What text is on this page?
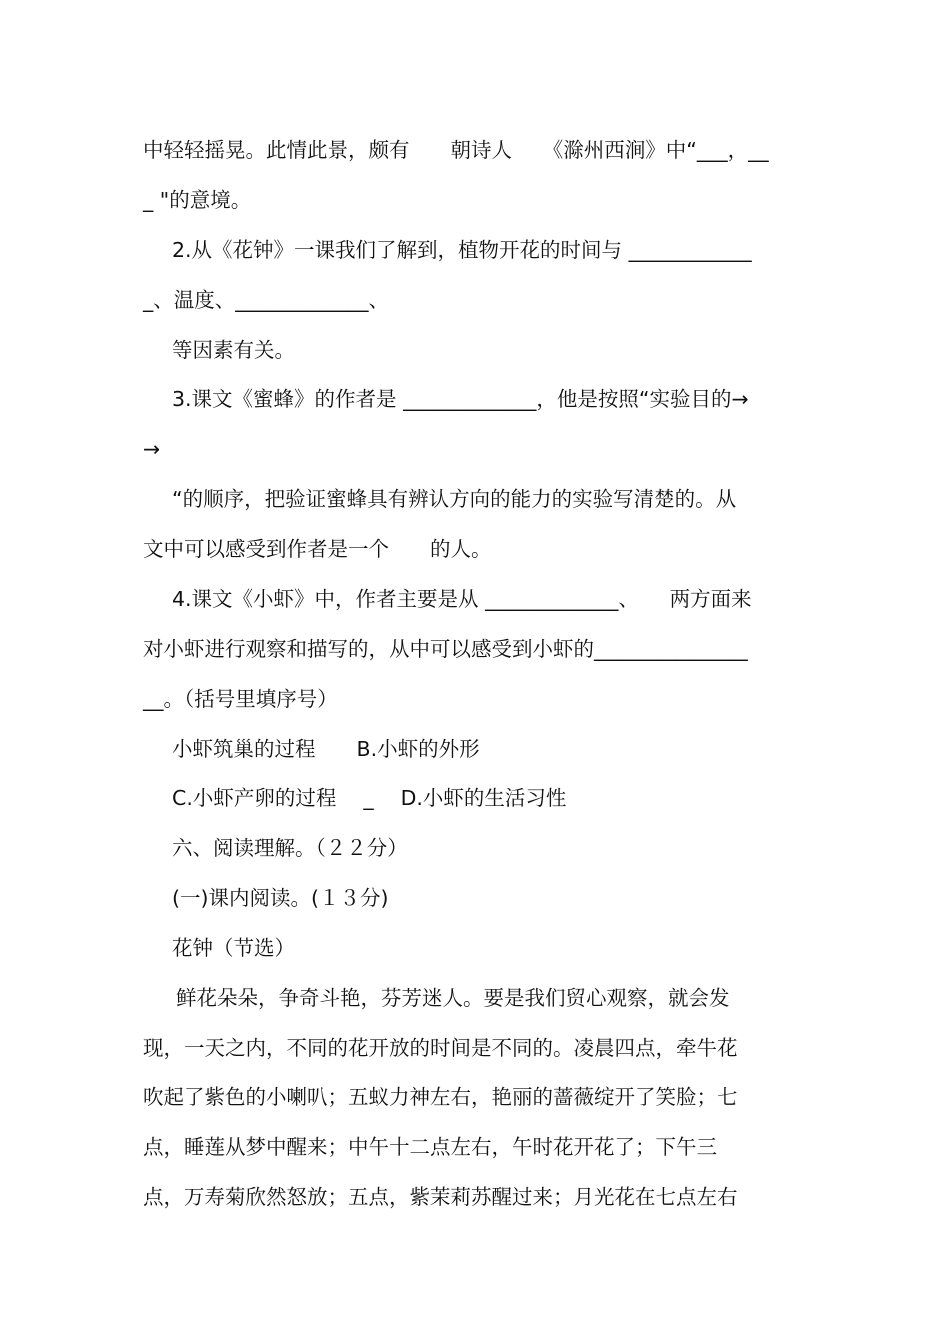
中轻轻摇晃。此情此景，颇有　　朝诗人　　《滁州西涧》中“___，__
_ "的意境。
2.从《花钟》一课我们了解到，植物开花的时间与 ____________
_、温度、_____________、
等因素有关。
3.课文《蜜蜂》的作者是 _____________，他是按照“实验目的→
→
“的顺序，把验证蜜蜂具有辨认方向的能力的实验写清楚的。从
文中可以感受到作者是一个　　的人。
4.课文《小虾》中，作者主要是从 _____________、　　两方面来
对小虾进行观察和描写的，从中可以感受到小虾的_______________
__。（括号里填序号）
小虾筑巢的过程　　B.小虾的外形
C.小虾产卵的过程　 _　 D.小虾的生活习性
六、阅读理解。（２２分）
(一)课内阅读。(１３分)
花钟（节选）
鲜花朵朵，争奇斗艳，芬芳迷人。要是我们贸心观察，就会发
现，一天之内，不同的花开放的时间是不同的。凌晨四点，牵牛花
吹起了紫色的小喇叭；五蚁力神左右，艳丽的蔷薇绽开了笑脸；七
点，睡莲从梦中醒来；中午十二点左右，午时花开花了；下午三
点，万寿菊欣然怒放；五点，紫茉莉苏醒过来；月光花在七点左右
